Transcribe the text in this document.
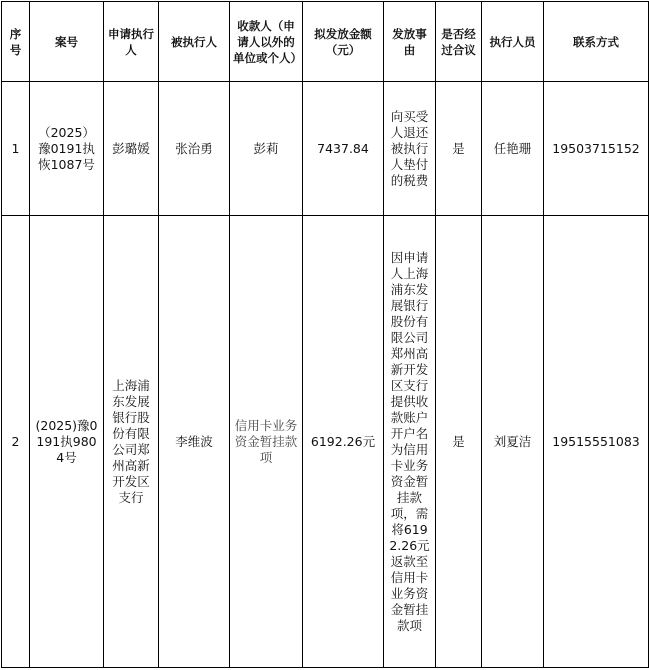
序号	案号	申请执行人	被执行人	收款人（申请人以外的单位或个人）	拟发放金额（元）	发放事由	是否经过合议	执行人员	联系方式
1	（2025）豫0191执恢1087号	彭璐媛	张治勇	彭莉	7437.84	向买受人退还被执行人垫付的税费	是	任艳珊	19503715152
2	(2025)豫0191执9804号	上海浦东发展银行股份有限公司郑州高新开发区支行	李维波	信用卡业务资金暂挂款项	6192.26元	因申请人上海浦东发展银行股份有限公司郑州高新开发区支行提供收款账户开户名为信用卡业务资金暂挂款项，需将6192.26元返款至信用卡业务资金暂挂款项	是	刘夏洁	19515551083
